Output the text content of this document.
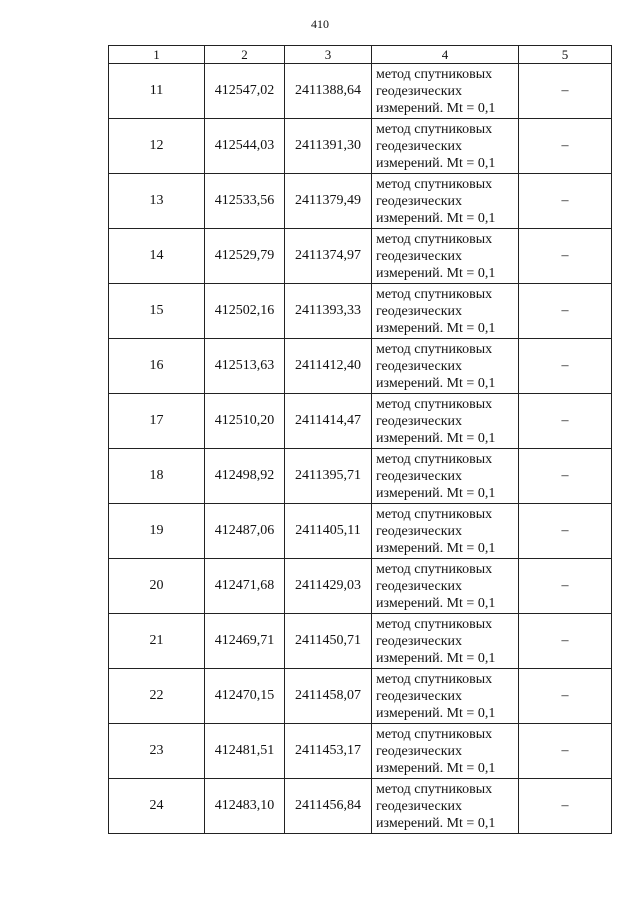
410
1	2	3	4	5
11	412547,02	2411388,64	метод спутниковых
геодезических
измерений. Mt = 0,1	–
12	412544,03	2411391,30	метод спутниковых
геодезических
измерений. Mt = 0,1	–
13	412533,56	2411379,49	метод спутниковых
геодезических
измерений. Mt = 0,1	–
14	412529,79	2411374,97	метод спутниковых
геодезических
измерений. Mt = 0,1	–
15	412502,16	2411393,33	метод спутниковых
геодезических
измерений. Mt = 0,1	–
16	412513,63	2411412,40	метод спутниковых
геодезических
измерений. Mt = 0,1	–
17	412510,20	2411414,47	метод спутниковых
геодезических
измерений. Mt = 0,1	–
18	412498,92	2411395,71	метод спутниковых
геодезических
измерений. Mt = 0,1	–
19	412487,06	2411405,11	метод спутниковых
геодезических
измерений. Mt = 0,1	–
20	412471,68	2411429,03	метод спутниковых
геодезических
измерений. Mt = 0,1	–
21	412469,71	2411450,71	метод спутниковых
геодезических
измерений. Mt = 0,1	–
22	412470,15	2411458,07	метод спутниковых
геодезических
измерений. Mt = 0,1	–
23	412481,51	2411453,17	метод спутниковых
геодезических
измерений. Mt = 0,1	–
24	412483,10	2411456,84	метод спутниковых
геодезических
измерений. Mt = 0,1	–
